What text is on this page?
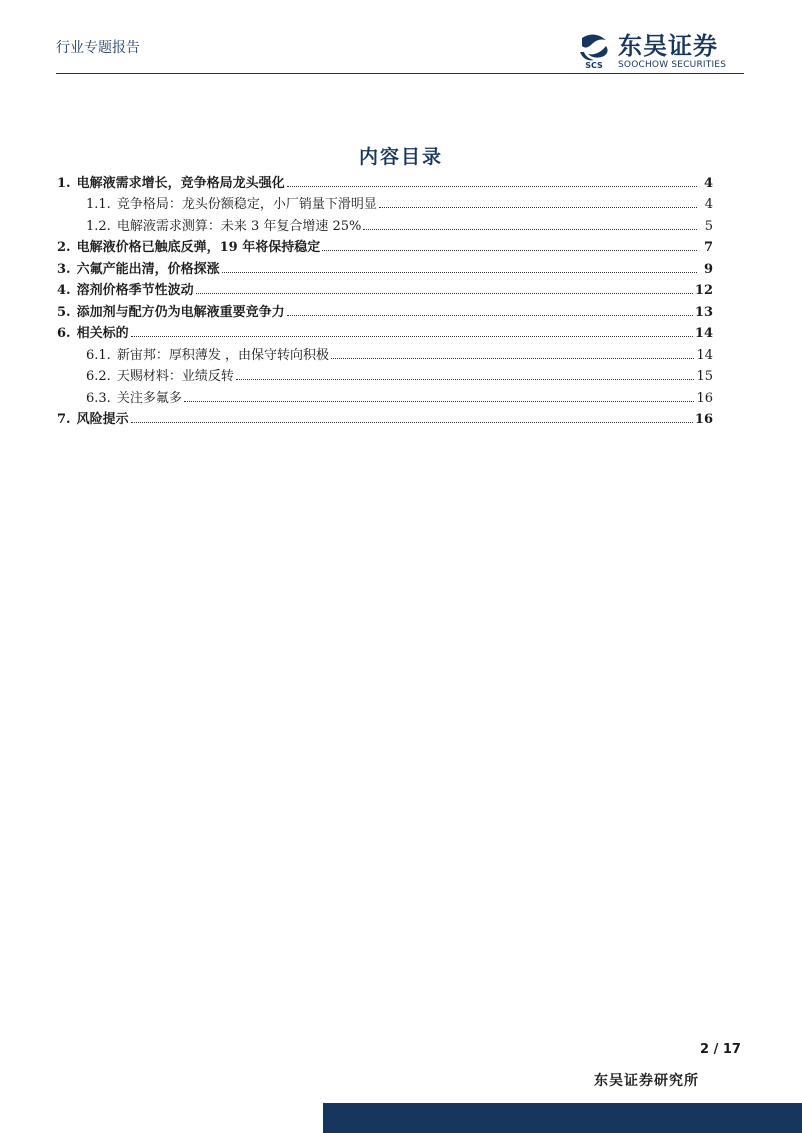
行业专题报告
SCS
东吴证券
SOOCHOW SECURITIES
内容目录
1. 电解液需求增长，竞争格局龙头强化	4
1.1. 竞争格局：龙头份额稳定，小厂销量下滑明显	4
1.2. 电解液需求测算：未来 3 年复合增速 25%	5
2. 电解液价格已触底反弹，19 年将保持稳定	7
3. 六氟产能出清，价格探涨	9
4. 溶剂价格季节性波动	12
5. 添加剂与配方仍为电解液重要竞争力	13
6. 相关标的	14
6.1. 新宙邦：厚积薄发 ，由保守转向积极	14
6.2. 天赐材料：业绩反转	15
6.3. 关注多氟多	16
7. 风险提示	16
2 / 17
东吴证券研究所
